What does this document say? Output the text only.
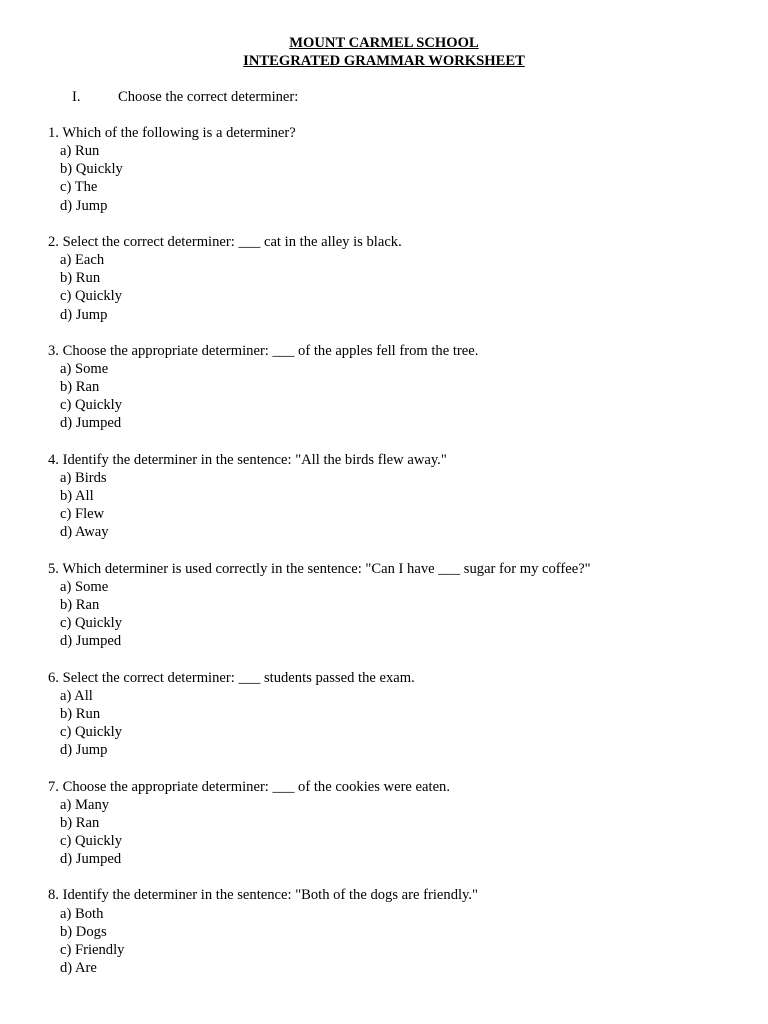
MOUNT CARMEL SCHOOL
INTEGRATED GRAMMAR WORKSHEET
I.	Choose the correct determiner:
1. Which of the following is a determiner?
a) Run
b) Quickly
c) The
d) Jump
2. Select the correct determiner: ___ cat in the alley is black.
a) Each
b) Run
c) Quickly
d) Jump
3. Choose the appropriate determiner: ___ of the apples fell from the tree.
a) Some
b) Ran
c) Quickly
d) Jumped
4. Identify the determiner in the sentence: "All the birds flew away."
a) Birds
b) All
c) Flew
d) Away
5. Which determiner is used correctly in the sentence: "Can I have ___ sugar for my coffee?"
a) Some
b) Ran
c) Quickly
d) Jumped
6. Select the correct determiner: ___ students passed the exam.
a) All
b) Run
c) Quickly
d) Jump
7. Choose the appropriate determiner: ___ of the cookies were eaten.
a) Many
b) Ran
c) Quickly
d) Jumped
8. Identify the determiner in the sentence: "Both of the dogs are friendly."
a) Both
b) Dogs
c) Friendly
d) Are
